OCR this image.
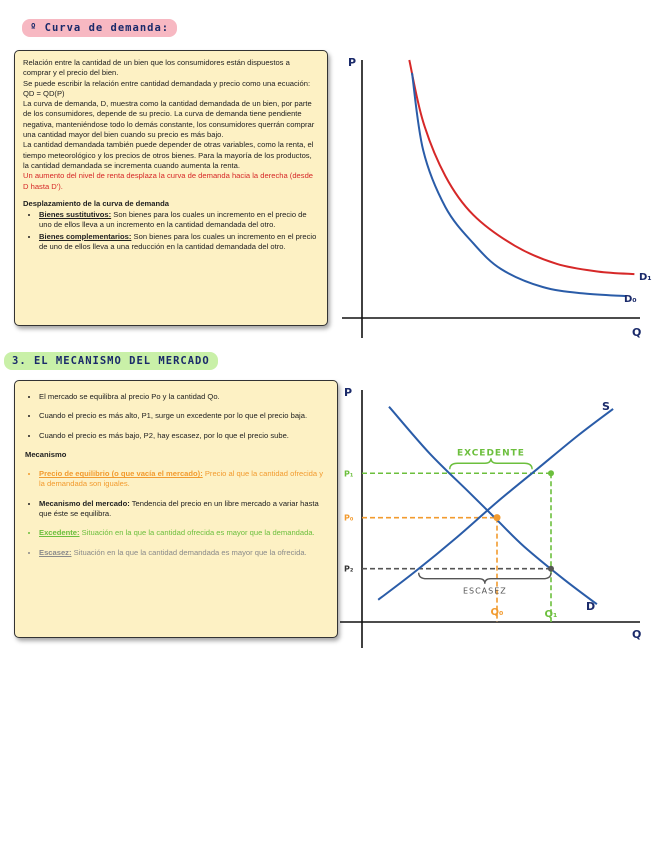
º Curva de demanda:

Relación entre la cantidad de un bien que los consumidores están dispuestos a comprar y el precio del bien.

Se puede escribir la relación entre cantidad demandada y precio como una ecuación: QD = QD(P)

La curva de demanda, D, muestra como la cantidad demandada de un bien, por parte de los consumidores, depende de su precio. La curva de demanda tiene pendiente negativa, manteniéndose todo lo demás constante, los consumidores querrán comprar una cantidad mayor del bien cuando su precio es más bajo.

La cantidad demandada también puede depender de otras variables, como la renta, el tiempo meteorológico y los precios de otros bienes. Para la mayoría de los productos, la cantidad demandada se incrementa cuando aumenta la renta.

Un aumento del nivel de renta desplaza la curva de demanda hacia la derecha (desde D hasta D').

Desplazamiento de la curva de demanda

• Bienes sustitutivos: Son bienes para los cuales un incremento en el precio de uno de ellos lleva a un incremento en la cantidad demandada del otro.
• Bienes complementarios: Son bienes para los cuales un incremento en el precio de uno de ellos lleva a una reducción en la cantidad demandada del otro.
P
Q
D₁
D₀
3. EL MECANISMO DEL MERCADO
• El mercado se equilibra al precio Po y la cantidad Qo.
• Cuando el precio es más alto, P1, surge un excedente por lo que el precio baja.
• Cuando el precio es más bajo, P2, hay escasez, por lo que el precio sube.

Mecanismo

• Precio de equilibrio (o que vacía el mercado): Precio al que la cantidad ofrecida y la demandada son iguales.
• Mecanismo del mercado: Tendencia del precio en un libre mercado a variar hasta que éste se equilibra.
• Excedente: Situación en la que la cantidad ofrecida es mayor que la demandada.
• Escasez: Situación en la que la cantidad demandada es mayor que la ofrecida.
P
Q
EXCEDENTE
ESCASEZ
P₁
P₀
P₂
Q₀	Q₁
S
D
